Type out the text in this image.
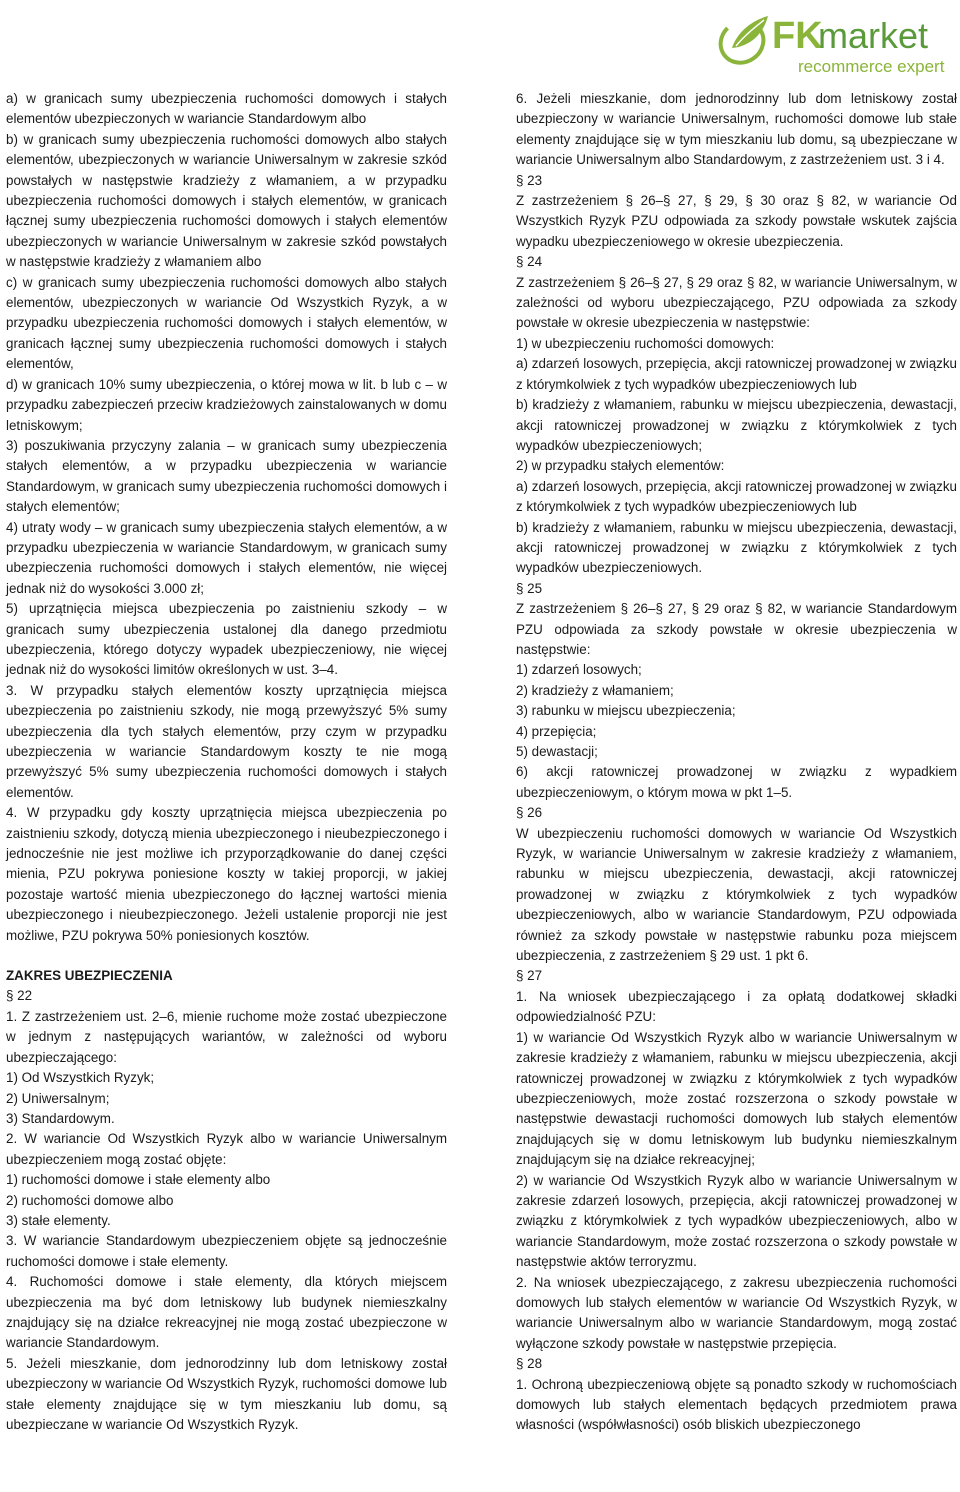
FK
market
recommerce expert

a) w granicach sumy ubezpieczenia ruchomości domowych i stałych elementów ubezpieczonych w wariancie Standardowym albo

b) w granicach sumy ubezpieczenia ruchomości domowych albo stałych elementów, ubezpieczonych w wariancie Uniwersalnym w zakresie szkód powstałych w następstwie kradzieży z włamaniem, a w przypadku ubezpieczenia ruchomości domowych i stałych elementów, w granicach łącznej sumy ubezpieczenia ruchomości domowych i stałych elementów ubezpieczonych w wariancie Uniwersalnym w zakresie szkód powstałych w następstwie kradzieży z włamaniem albo

c) w granicach sumy ubezpieczenia ruchomości domowych albo stałych elementów, ubezpieczonych w wariancie Od Wszystkich Ryzyk, a w przypadku ubezpieczenia ruchomości domowych i stałych elementów, w granicach łącznej sumy ubezpieczenia ruchomości domowych i stałych elementów,

d) w granicach 10% sumy ubezpieczenia, o której mowa w lit. b lub c – w przypadku zabezpieczeń przeciw kradzieżowych zainstalowanych w domu letniskowym;

3) poszukiwania przyczyny zalania – w granicach sumy ubezpieczenia stałych elementów, a w przypadku ubezpieczenia w wariancie Standardowym, w granicach sumy ubezpieczenia ruchomości domowych i stałych elementów;

4) utraty wody – w granicach sumy ubezpieczenia stałych elementów, a w przypadku ubezpieczenia w wariancie Standardowym, w granicach sumy ubezpieczenia ruchomości domowych i stałych elementów, nie więcej jednak niż do wysokości 3.000 zł;

5) uprzątnięcia miejsca ubezpieczenia po zaistnieniu szkody – w granicach sumy ubezpieczenia ustalonej dla danego przedmiotu ubezpieczenia, którego dotyczy wypadek ubezpieczeniowy, nie więcej jednak niż do wysokości limitów określonych w ust. 3–4.

3. W przypadku stałych elementów koszty uprzątnięcia miejsca ubezpieczenia po zaistnieniu szkody, nie mogą przewyższyć 5% sumy ubezpieczenia dla tych stałych elementów, przy czym w przypadku ubezpieczenia w wariancie Standardowym koszty te nie mogą przewyższyć 5% sumy ubezpieczenia ruchomości domowych i stałych elementów.

4. W przypadku gdy koszty uprzątnięcia miejsca ubezpieczenia po zaistnieniu szkody, dotyczą mienia ubezpieczonego i nieubezpieczonego i jednocześnie nie jest możliwe ich przyporządkowanie do danej części mienia, PZU pokrywa poniesione koszty w takiej proporcji, w jakiej pozostaje wartość mienia ubezpieczonego do łącznej wartości mienia ubezpieczonego i nieubezpieczonego. Jeżeli ustalenie proporcji nie jest możliwe, PZU pokrywa 50% poniesionych kosztów.

ZAKRES UBEZPIECZENIA

§ 22

1. Z zastrzeżeniem ust. 2–6, mienie ruchome może zostać ubezpieczone w jednym z następujących wariantów, w zależności od wyboru ubezpieczającego:

1) Od Wszystkich Ryzyk;

2) Uniwersalnym;

3) Standardowym.

2. W wariancie Od Wszystkich Ryzyk albo w wariancie Uniwersalnym ubezpieczeniem mogą zostać objęte:

1) ruchomości domowe i stałe elementy albo

2) ruchomości domowe albo

3) stałe elementy.

3. W wariancie Standardowym ubezpieczeniem objęte są jednocześnie ruchomości domowe i stałe elementy.

4. Ruchomości domowe i stałe elementy, dla których miejscem ubezpieczenia ma być dom letniskowy lub budynek niemieszkalny znajdujący się na działce rekreacyjnej nie mogą zostać ubezpieczone w wariancie Standardowym.

5. Jeżeli mieszkanie, dom jednorodzinny lub dom letniskowy został ubezpieczony w wariancie Od Wszystkich Ryzyk, ruchomości domowe lub stałe elementy znajdujące się w tym mieszkaniu lub domu, są ubezpieczane w wariancie Od Wszystkich Ryzyk.

6. Jeżeli mieszkanie, dom jednorodzinny lub dom letniskowy został ubezpieczony w wariancie Uniwersalnym, ruchomości domowe lub stałe elementy znajdujące się w tym mieszkaniu lub domu, są ubezpieczane w wariancie Uniwersalnym albo Standardowym, z zastrzeżeniem ust. 3 i 4.

§ 23

Z zastrzeżeniem § 26–§ 27, § 29, § 30 oraz § 82, w wariancie Od Wszystkich Ryzyk PZU odpowiada za szkody powstałe wskutek zajścia wypadku ubezpieczeniowego w okresie ubezpieczenia.

§ 24

Z zastrzeżeniem § 26–§ 27, § 29 oraz § 82, w wariancie Uniwersalnym, w zależności od wyboru ubezpieczającego, PZU odpowiada za szkody powstałe w okresie ubezpieczenia w następstwie:

1) w ubezpieczeniu ruchomości domowych:

a) zdarzeń losowych, przepięcia, akcji ratowniczej prowadzonej w związku z którymkolwiek z tych wypadków ubezpieczeniowych lub

b) kradzieży z włamaniem, rabunku w miejscu ubezpieczenia, dewastacji, akcji ratowniczej prowadzonej w związku z którymkolwiek z tych wypadków ubezpieczeniowych;

2) w przypadku stałych elementów:

a) zdarzeń losowych, przepięcia, akcji ratowniczej prowadzonej w związku z którymkolwiek z tych wypadków ubezpieczeniowych lub

b) kradzieży z włamaniem, rabunku w miejscu ubezpieczenia, dewastacji, akcji ratowniczej prowadzonej w związku z którymkolwiek z tych wypadków ubezpieczeniowych.

§ 25

Z zastrzeżeniem § 26–§ 27, § 29 oraz § 82, w wariancie Standardowym PZU odpowiada za szkody powstałe w okresie ubezpieczenia w następstwie:

1) zdarzeń losowych;

2) kradzieży z włamaniem;

3) rabunku w miejscu ubezpieczenia;

4) przepięcia;

5) dewastacji;

6) akcji ratowniczej prowadzonej w związku z wypadkiem ubezpieczeniowym, o którym mowa w pkt 1–5.

§ 26

W ubezpieczeniu ruchomości domowych w wariancie Od Wszystkich Ryzyk, w wariancie Uniwersalnym w zakresie kradzieży z włamaniem, rabunku w miejscu ubezpieczenia, dewastacji, akcji ratowniczej prowadzonej w związku z którymkolwiek z tych wypadków ubezpieczeniowych, albo w wariancie Standardowym, PZU odpowiada również za szkody powstałe w następstwie rabunku poza miejscem ubezpieczenia, z zastrzeżeniem § 29 ust. 1 pkt 6.

§ 27

1. Na wniosek ubezpieczającego i za opłatą dodatkowej składki odpowiedzialność PZU:

1) w wariancie Od Wszystkich Ryzyk albo w wariancie Uniwersalnym w zakresie kradzieży z włamaniem, rabunku w miejscu ubezpieczenia, akcji ratowniczej prowadzonej w związku z którymkolwiek z tych wypadków ubezpieczeniowych, może zostać rozszerzona o szkody powstałe w następstwie dewastacji ruchomości domowych lub stałych elementów znajdujących się w domu letniskowym lub budynku niemieszkalnym znajdującym się na działce rekreacyjnej;

2) w wariancie Od Wszystkich Ryzyk albo w wariancie Uniwersalnym w zakresie zdarzeń losowych, przepięcia, akcji ratowniczej prowadzonej w związku z którymkolwiek z tych wypadków ubezpieczeniowych, albo w wariancie Standardowym, może zostać rozszerzona o szkody powstałe w następstwie aktów terroryzmu.

2. Na wniosek ubezpieczającego, z zakresu ubezpieczenia ruchomości domowych lub stałych elementów w wariancie Od Wszystkich Ryzyk, w wariancie Uniwersalnym albo w wariancie Standardowym, mogą zostać wyłączone szkody powstałe w następstwie przepięcia.

§ 28

1. Ochroną ubezpieczeniową objęte są ponadto szkody w ruchomościach domowych lub stałych elementach będących przedmiotem prawa własności (współwłasności) osób bliskich ubezpieczonego
